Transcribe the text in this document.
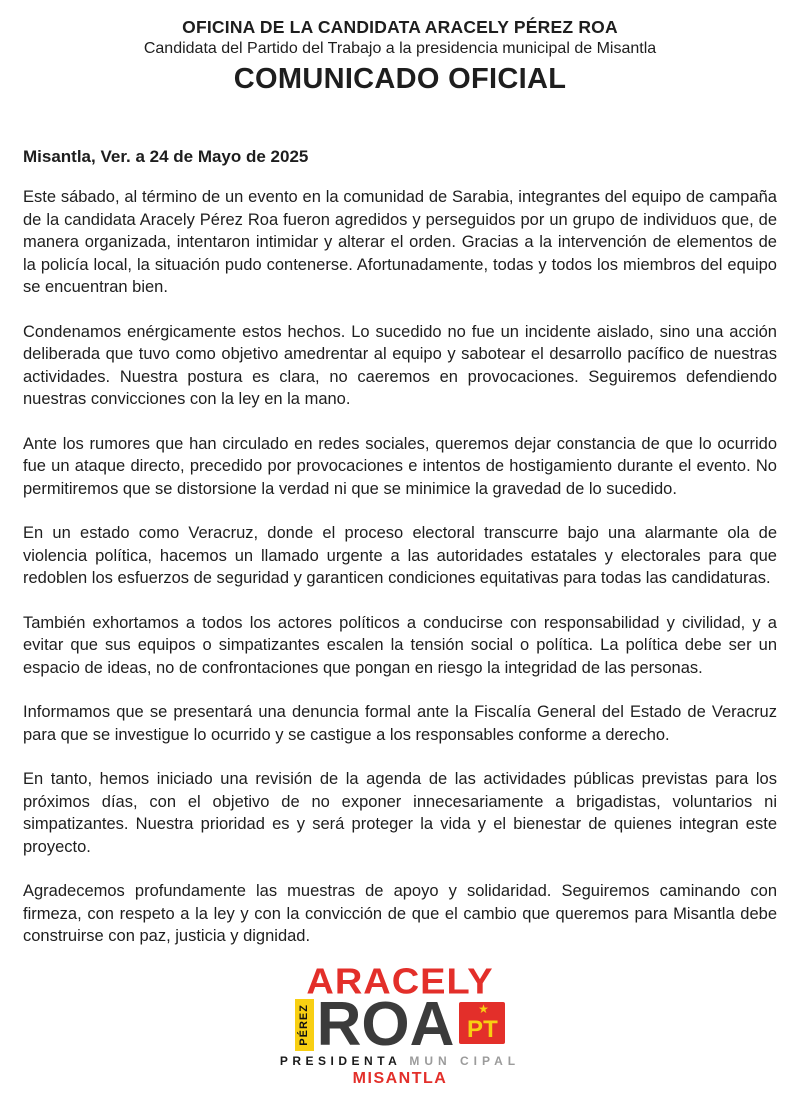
OFICINA DE LA CANDIDATA ARACELY PÉREZ ROA
Candidata del Partido del Trabajo a la presidencia municipal de Misantla
COMUNICADO OFICIAL
Misantla, Ver. a 24 de Mayo de 2025

Este sábado, al término de un evento en la comunidad de Sarabia, integrantes del equipo de campaña de la candidata Aracely Pérez Roa fueron agredidos y perseguidos por un grupo de individuos que, de manera organizada, intentaron intimidar y alterar el orden. Gracias a la intervención de elementos de la policía local, la situación pudo contenerse. Afortunadamente, todas y todos los miembros del equipo se encuentran bien.

Condenamos enérgicamente estos hechos. Lo sucedido no fue un incidente aislado, sino una acción deliberada que tuvo como objetivo amedrentar al equipo y sabotear el desarrollo pacífico de nuestras actividades. Nuestra postura es clara, no caeremos en provocaciones. Seguiremos defendiendo nuestras convicciones con la ley en la mano.

Ante los rumores que han circulado en redes sociales, queremos dejar constancia de que lo ocurrido fue un ataque directo, precedido por provocaciones e intentos de hostigamiento durante el evento. No permitiremos que se distorsione la verdad ni que se minimice la gravedad de lo sucedido.

En un estado como Veracruz, donde el proceso electoral transcurre bajo una alarmante ola de violencia política, hacemos un llamado urgente a las autoridades estatales y electorales para que redoblen los esfuerzos de seguridad y garanticen condiciones equitativas para todas las candidaturas.

También exhortamos a todos los actores políticos a conducirse con responsabilidad y civilidad, y a evitar que sus equipos o simpatizantes escalen la tensión social o política. La política debe ser un espacio de ideas, no de confrontaciones que pongan en riesgo la integridad de las personas.

Informamos que se presentará una denuncia formal ante la Fiscalía General del Estado de Veracruz para que se investigue lo ocurrido y se castigue a los responsables conforme a derecho.

En tanto, hemos iniciado una revisión de la agenda de las actividades públicas previstas para los próximos días, con el objetivo de no exponer innecesariamente a brigadistas, voluntarios ni simpatizantes. Nuestra prioridad es y será proteger la vida y el bienestar de quienes integran este proyecto.

Agradecemos profundamente las muestras de apoyo y solidaridad. Seguiremos caminando con firmeza, con respeto a la ley y con la convicción de que el cambio que queremos para Misantla debe construirse con paz, justicia y dignidad.

ARACELY
PÉREZ ROA ★
PT
PRESIDENTA MUN CIPAL
MISANTLA
